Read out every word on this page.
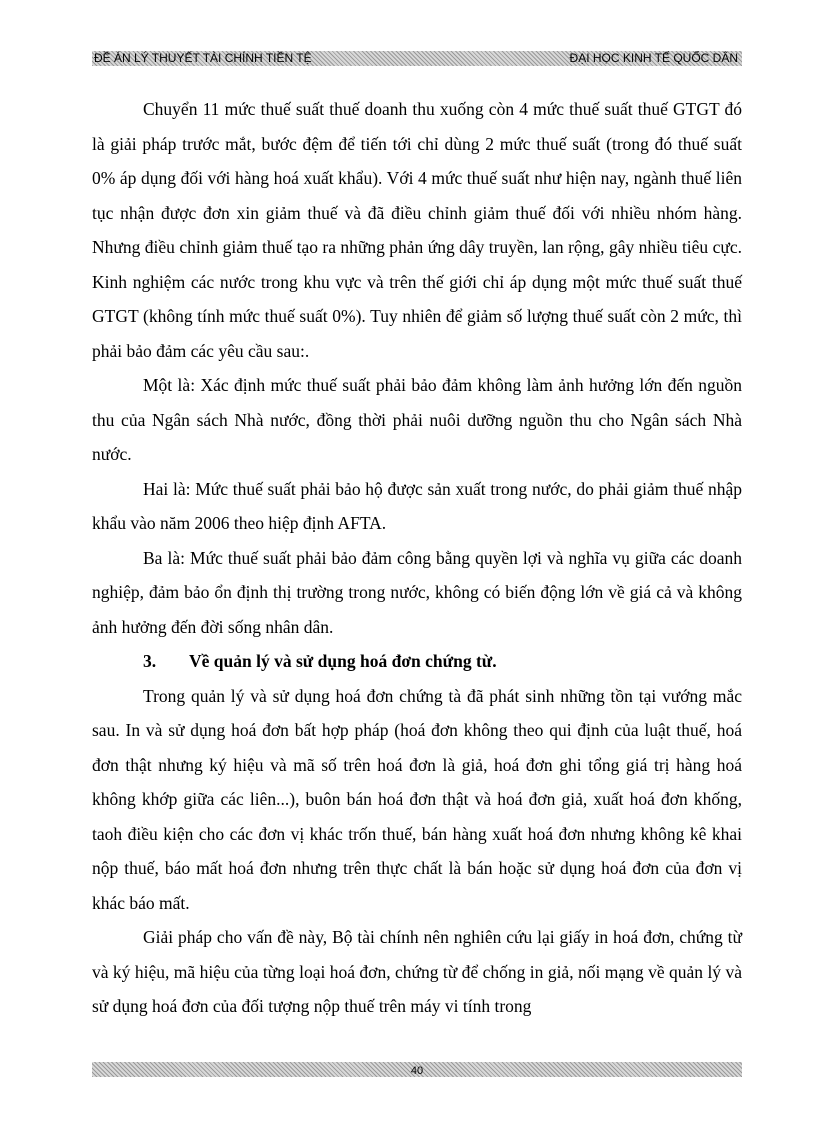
ĐỀ ÁN LÝ THUYẾT TÀI CHÍNH TIỀN TỆ	ĐẠI HỌC KINH TẾ QUỐC DÂN

Chuyển 11 mức thuế suất thuế doanh thu xuống còn 4 mức thuế suất thuế GTGT đó là giải pháp trước mắt, bước đệm để tiến tới chỉ dùng 2 mức thuế suất (trong đó thuế suất 0% áp dụng đối với hàng hoá xuất khẩu). Với 4 mức thuế suất như hiện nay, ngành thuế liên tục nhận được đơn xin giảm thuế và đã điều chỉnh giảm thuế đối với nhiều nhóm hàng. Nhưng điều chỉnh giảm thuế tạo ra những phản ứng dây truyền, lan rộng, gây nhiều tiêu cực. Kinh nghiệm các nước trong khu vực và trên thế giới chỉ áp dụng một mức thuế suất thuế GTGT (không tính mức thuế suất 0%). Tuy nhiên để giảm số lượng thuế suất còn 2 mức, thì phải bảo đảm các yêu cầu sau:.

Một là: Xác định mức thuế suất phải bảo đảm không làm ảnh hưởng lớn đến nguồn thu của Ngân sách Nhà nước, đồng thời phải nuôi dưỡng nguồn thu cho Ngân sách Nhà nước.

Hai là: Mức thuế suất phải bảo hộ được sản xuất trong nước, do phải giảm thuế nhập khẩu vào năm 2006 theo hiệp định AFTA.

Ba là: Mức thuế suất phải bảo đảm công bằng quyền lợi và nghĩa vụ giữa các doanh nghiệp, đảm bảo ổn định thị trường trong nước, không có biến động lớn về giá cả và không ảnh hưởng đến đời sống nhân dân.

3. Về quản lý và sử dụng hoá đơn chứng từ.

Trong quản lý và sử dụng hoá đơn chứng tà đã phát sinh những tồn tại vướng mắc sau. In và sử dụng hoá đơn bất hợp pháp (hoá đơn không theo qui định của luật thuế, hoá đơn thật nhưng ký hiệu và mã số trên hoá đơn là giả, hoá đơn ghi tổng giá trị hàng hoá không khớp giữa các liên...), buôn bán hoá đơn thật và hoá đơn giả, xuất hoá đơn khống, taoh điều kiện cho các đơn vị khác trốn thuế, bán hàng xuất hoá đơn nhưng không kê khai nộp thuế, báo mất hoá đơn nhưng trên thực chất là bán hoặc sử dụng hoá đơn của đơn vị khác báo mất.

Giải pháp cho vấn đề này, Bộ tài chính nên nghiên cứu lại giấy in hoá đơn, chứng từ và ký hiệu, mã hiệu của từng loại hoá đơn, chứng từ để chống in giả, nối mạng về quản lý và sử dụng hoá đơn của đối tượng nộp thuế trên máy vi tính trong

40
